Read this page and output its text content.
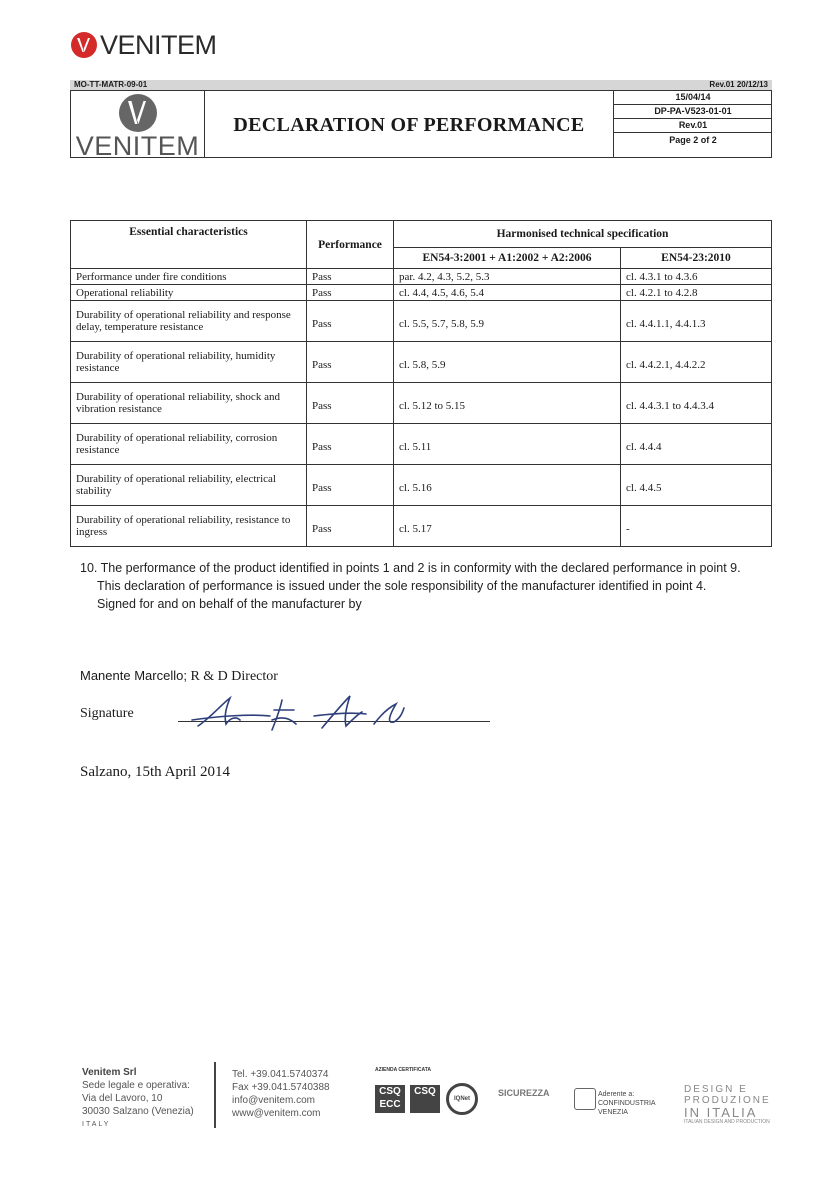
VENITEM
MO-TT-MATR-09-01	Rev.01 20/12/13
VENITEM
DECLARATION OF PERFORMANCE
15/04/14
DP-PA-V523-01-01
Rev.01
Page 2 of 2
Essential characteristics	Performance	Harmonised technical specification	
		EN54-3:2001 + A1:2002 + A2:2006	EN54-23:2010
Performance under fire conditions	Pass	par. 4.2, 4.3, 5.2, 5.3	cl. 4.3.1 to 4.3.6
Operational reliability	Pass	cl. 4.4, 4.5, 4.6, 5.4	cl. 4.2.1 to 4.2.8
Durability of operational reliability and response delay, temperature resistance	Pass	cl. 5.5, 5.7, 5.8, 5.9	cl. 4.4.1.1, 4.4.1.3
Durability of operational reliability, humidity resistance	Pass	cl. 5.8, 5.9	cl. 4.4.2.1, 4.4.2.2
Durability of operational reliability, shock and vibration resistance	Pass	cl. 5.12 to 5.15	cl. 4.4.3.1 to 4.4.3.4
Durability of operational reliability, corrosion resistance	Pass	cl. 5.11	cl. 4.4.4
Durability of operational reliability, electrical stability	Pass	cl. 5.16	cl. 4.4.5
Durability of operational reliability, resistance to ingress	Pass	cl. 5.17	-

10. The performance of the product identified in points 1 and 2 is in conformity with the declared performance in point 9.

This declaration of performance is issued under the sole responsibility of the manufacturer identified in point 4.

Signed for and on behalf of the manufacturer by

Manente Marcello; R & D Director
Signature
Salzano, 15th April 2014
Venitem Srl
Sede legale e operativa:
Via del Lavoro, 10
30030 Salzano (Venezia)
ITALY
Tel. +39.041.5740374
Fax +39.041.5740388
info@venitem.com
www@venitem.com
AZIENDA CERTIFICATA
CSQ ECC
CSQ
IQNet
SICUREZZA	Aderente a:
CONFINDUSTRIA
VENEZIA
DESIGN E
PRODUZIONE
IN ITALIA
ITALIAN DESIGN AND PRODUCTION
